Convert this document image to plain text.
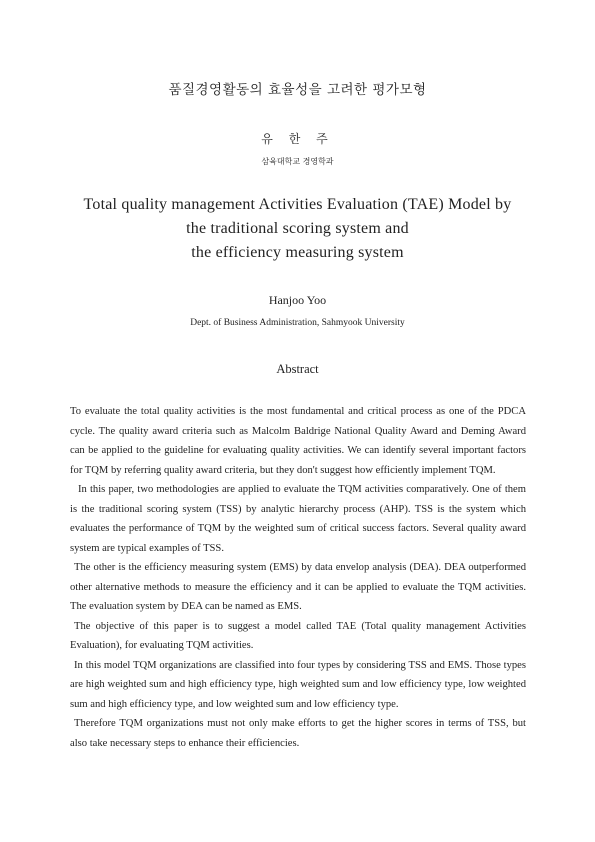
품질경영활동의 효율성을 고려한 평가모형
유 한 주
삼육대학교 경영학과
Total quality management Activities Evaluation (TAE) Model by
the traditional scoring system and
the efficiency measuring system
Hanjoo Yoo
Dept. of Business Administration, Sahmyook University
Abstract

To evaluate the total quality activities is the most fundamental and critical process as one of the PDCA cycle. The quality award criteria such as Malcolm Baldrige National Quality Award and Deming Award can be applied to the guideline for evaluating quality activities. We can identify several important factors for TQM by referring quality award criteria, but they don't suggest how efficiently implement TQM.

In this paper, two methodologies are applied to evaluate the TQM activities comparatively. One of them is the traditional scoring system (TSS) by analytic hierarchy process (AHP). TSS is the system which evaluates the performance of TQM by the weighted sum of critical success factors. Several quality award system are typical examples of TSS.

The other is the efficiency measuring system (EMS) by data envelop analysis (DEA). DEA outperformed other alternative methods to measure the efficiency and it can be applied to evaluate the TQM activities. The evaluation system by DEA can be named as EMS.

The objective of this paper is to suggest a model called TAE (Total quality management Activities Evaluation), for evaluating TQM activities.

In this model TQM organizations are classified into four types by considering TSS and EMS. Those types are high weighted sum and high efficiency type, high weighted sum and low efficiency type, low weighted sum and high efficiency type, and low weighted sum and low efficiency type.

Therefore TQM organizations must not only make efforts to get the higher scores in terms of TSS, but also take necessary steps to enhance their efficiencies.
